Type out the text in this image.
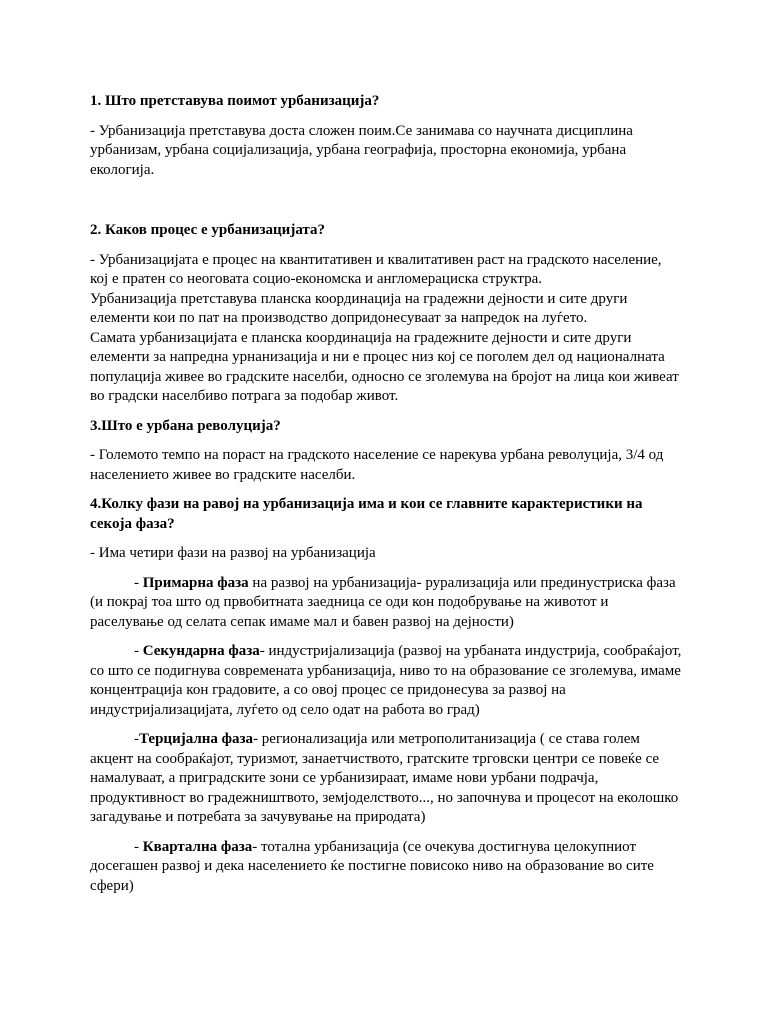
1. Што претставува поимот урбанизација?

- Урбанизација претставува доста сложен поим.Се занимава со научната дисциплина урбанизам, урбана социјализација, урбана географија, просторна економија, урбана екологија.

2. Каков процес е урбанизацијата?

- Урбанизацијата е процес на квантитативен и квалитативен раст на градското население, кој е пратен со неоговата социо-економска и англомерациска структра.

Урбанизација претставува планска координација на градежни дејности и сите други елементи кои по пат на производство допридонесуваат за напредок на луѓето.

Самата урбанизацијата е планска координација на градежните дејности и сите други елементи за напредна урнанизација и ни е процес низ кој се поголем дел од националната популација живее во градските населби, односно се зголемува на бројот на лица кои живеат во градски населбиво потрага за подобар живот.

3.Што е урбана револуција?

- Големото темпо на пораст на градското население се нарекува урбана револуција, 3/4 од населението живее во градските населби.

4.Колку фази на равој на урбанизација има и кои се главните карактеристики на секоја фаза?

- Има четири фази на развој на урбанизација

- Примарна фаза на развој на урбанизација- рурализација или прединустриска фаза (и покрај тоа што од првобитната заедница се оди кон подобрување на животот и раселување од селата сепак имаме мал и бавен развој на дејности)

- Секундарна фаза- индустријализација (развој на урбаната индустрија, сообраќајот, со што се подигнува современата урбанизација, ниво то на образование се зголемува, имаме концентрација кон градовите, а со овој процес се придонесува за развој на индустријализацијата, луѓето од село одат на работа во град)

-Терцијална фаза- регионализација или метрополитанизација ( се става голем акцент на сообраќајот, туризмот, занаетчиството, гратските трговски центри се повеќе се намалуваат, а приградските зони се урбанизираат, имаме нови урбани подрачја, продуктивност во градежништвото, земјоделството..., но започнува и процесот на еколошко загадување и потребата за зачувување на природата)

- Квартална фаза- тотална урбанизација (се очекува достигнува целокупниот досегашен развој и дека населението ќе постигне повисоко ниво на образование во сите сфери)
